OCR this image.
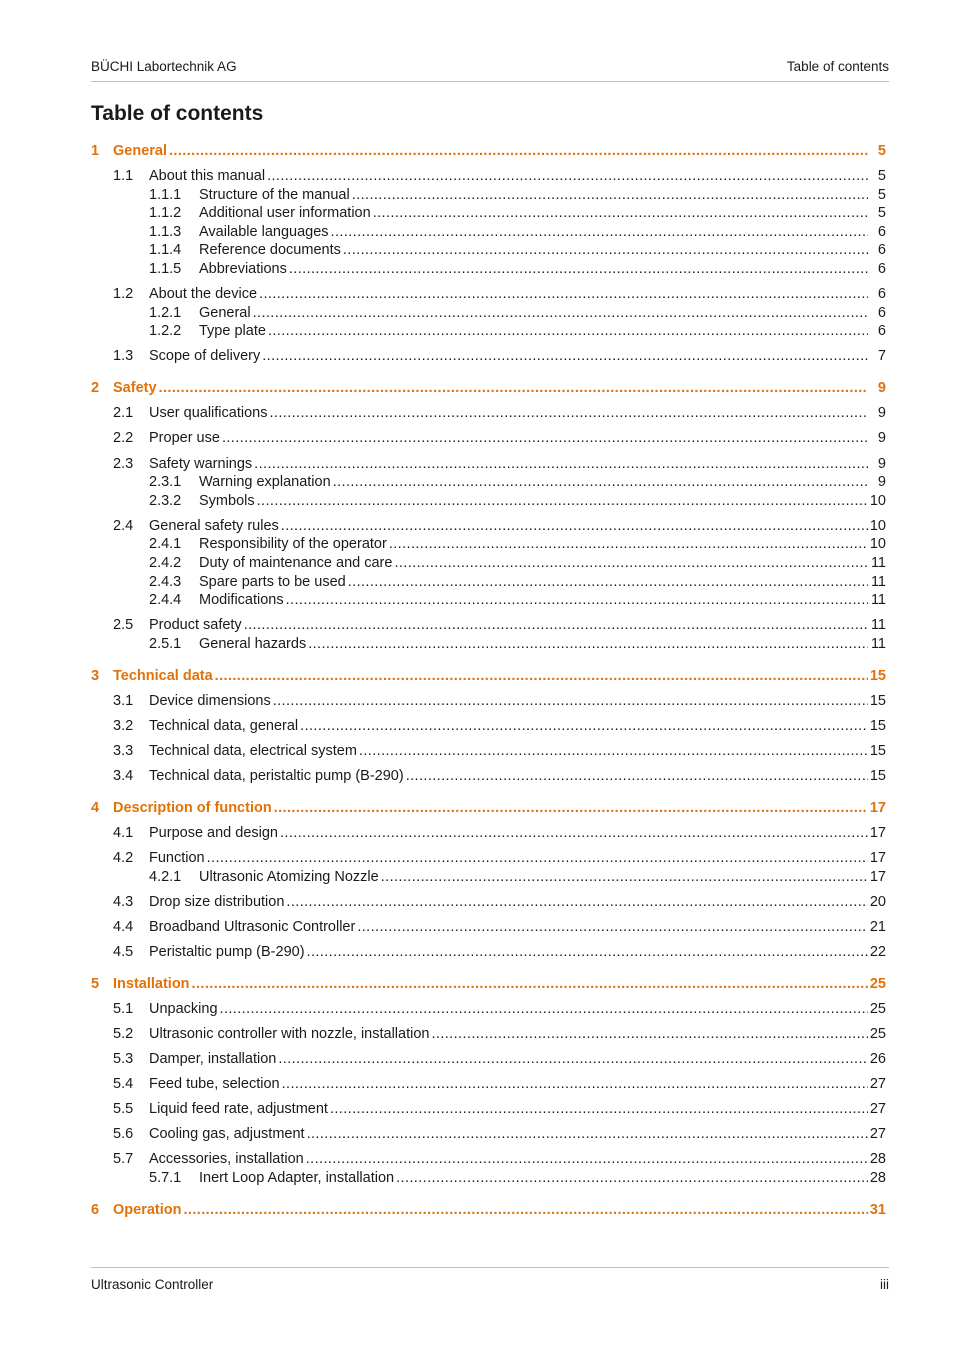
BÜCHI Labortechnik AG	Table of contents
Table of contents
1 General .....	5
1.1	About this manual .....	5
1.1.1	Structure of the manual .....	5
1.1.2	Additional user information .....	5
1.1.3	Available languages .....	6
1.1.4	Reference documents .....	6
1.1.5	Abbreviations .....	6
1.2	About the device .....	6
1.2.1	General .....	6
1.2.2	Type plate .....	6
1.3	Scope of delivery .....	7
2 Safety .....	9
2.1	User qualifications .....	9
2.2	Proper use .....	9
2.3	Safety warnings .....	9
2.3.1	Warning explanation .....	9
2.3.2	Symbols .....	10
2.4	General safety rules .....	10
2.4.1	Responsibility of the operator .....	10
2.4.2	Duty of maintenance and care .....	11
2.4.3	Spare parts to be used .....	11
2.4.4	Modifications .....	11
2.5	Product safety .....	11
2.5.1	General hazards .....	11
3 Technical data .....	15
3.1	Device dimensions .....	15
3.2	Technical data, general .....	15
3.3	Technical data, electrical system .....	15
3.4	Technical data, peristaltic pump (B-290) .....	15
4 Description of function .....	17
4.1	Purpose and design .....	17
4.2	Function .....	17
4.2.1	Ultrasonic Atomizing Nozzle .....	17
4.3	Drop size distribution .....	20
4.4	Broadband Ultrasonic Controller .....	21
4.5	Peristaltic pump (B-290) .....	22
5 Installation .....	25
5.1	Unpacking .....	25
5.2	Ultrasonic controller with nozzle, installation .....	25
5.3	Damper, installation .....	26
5.4	Feed tube, selection .....	27
5.5	Liquid feed rate, adjustment .....	27
5.6	Cooling gas, adjustment .....	27
5.7	Accessories, installation .....	28
5.7.1	Inert Loop Adapter, installation .....	28
6 Operation .....	31
Ultrasonic Controller	iii
